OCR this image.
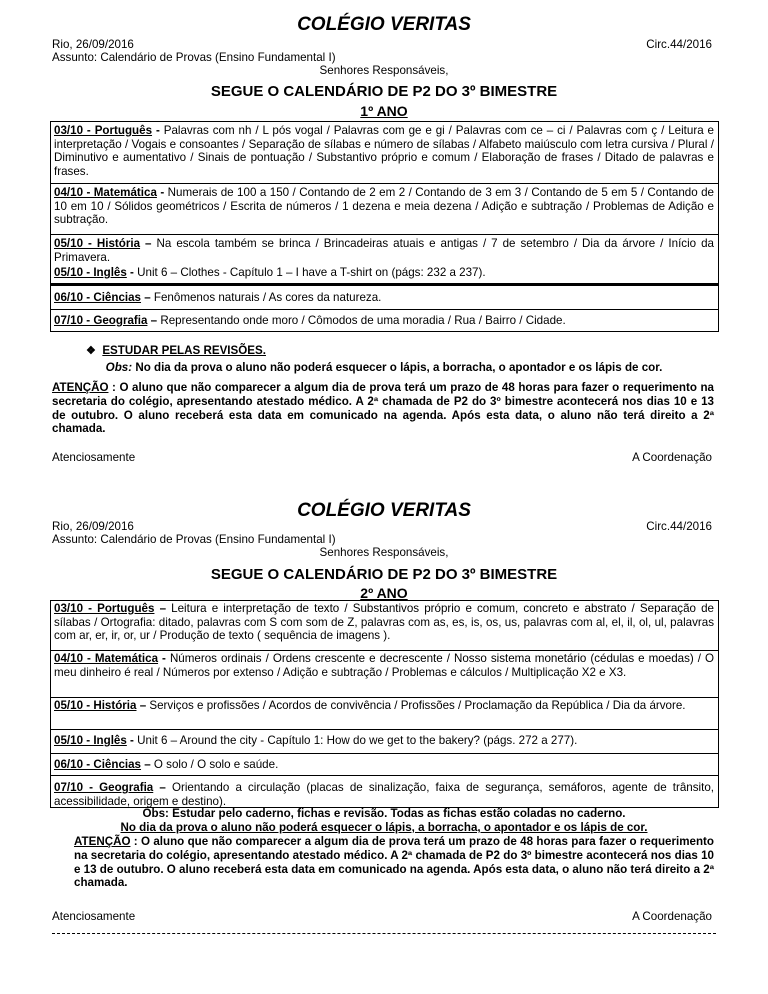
COLÉGIO VERITAS
Rio, 26/09/2016	Circ.44/2016
Assunto: Calendário de Provas (Ensino Fundamental I)
Senhores Responsáveis,
SEGUE O CALENDÁRIO DE P2 DO 3º BIMESTRE
1º ANO
03/10 - Português - Palavras com nh / L pós vogal / Palavras com ge e gi / Palavras com ce – ci / Palavras com ç / Leitura e interpretação / Vogais e consoantes / Separação de sílabas e número de sílabas / Alfabeto maiúsculo com letra cursiva / Plural / Diminutivo e aumentativo / Sinais de pontuação / Substantivo próprio e comum / Elaboração de frases / Ditado de palavras e frases.
04/10 - Matemática - Numerais de 100 a 150 / Contando de 2 em 2 / Contando de 3 em 3 / Contando de 5 em 5 / Contando de 10 em 10 / Sólidos geométricos / Escrita de números / 1 dezena e meia dezena / Adição e subtração / Problemas de Adição e subtração.
05/10 - História – Na escola também se brinca / Brincadeiras atuais e antigas / 7 de setembro / Dia da árvore / Início da Primavera.
05/10 - Inglês - Unit 6 – Clothes - Capítulo 1 – I have a T-shirt on (págs: 232 a 237).
06/10 - Ciências – Fenômenos naturais / As cores da natureza.
07/10 - Geografia – Representando onde moro / Cômodos de uma moradia / Rua / Bairro / Cidade.
❖ ESTUDAR PELAS REVISÕES.
Obs: No dia da prova o aluno não poderá esquecer o lápis, a borracha, o apontador e os lápis de cor.
ATENÇÃO : O aluno que não comparecer a algum dia de prova terá um prazo de 48 horas para fazer o requerimento na secretaria do colégio, apresentando atestado médico. A 2ª chamada de P2 do 3º bimestre acontecerá nos dias 10 e 13 de outubro. O aluno receberá esta data em comunicado na agenda. Após esta data, o aluno não terá direito a 2ª chamada.
Atenciosamente	A Coordenação
COLÉGIO VERITAS
Rio, 26/09/2016	Circ.44/2016
Assunto: Calendário de Provas (Ensino Fundamental I)
Senhores Responsáveis,
SEGUE O CALENDÁRIO DE P2 DO 3º BIMESTRE
2º ANO
03/10 - Português – Leitura e interpretação de texto / Substantivos próprio e comum, concreto e abstrato / Separação de sílabas / Ortografia: ditado, palavras com S com som de Z, palavras com as, es, is, os, us, palavras com al, el, il, ol, ul, palavras com ar, er, ir, or, ur / Produção de texto ( sequência de imagens ).
04/10 - Matemática - Números ordinais / Ordens crescente e decrescente / Nosso sistema monetário (cédulas e moedas) / O meu dinheiro é real / Números por extenso / Adição e subtração / Problemas e cálculos / Multiplicação X2 e X3.
05/10 - História – Serviços e profissões / Acordos de convivência / Profissões / Proclamação da República / Dia da árvore.
05/10 - Inglês - Unit 6 – Around the city - Capítulo 1: How do we get to the bakery? (págs. 272 a 277).
06/10 - Ciências – O solo / O solo e saúde.
07/10 - Geografia – Orientando a circulação (placas de sinalização, faixa de segurança, semáforos, agente de trânsito, acessibilidade, origem e destino).
Obs: Estudar pelo caderno, fichas e revisão. Todas as fichas estão coladas no caderno.
No dia da prova o aluno não poderá esquecer o lápis, a borracha, o apontador e os lápis de cor.
ATENÇÃO : O aluno que não comparecer a algum dia de prova terá um prazo de 48 horas para fazer o requerimento na secretaria do colégio, apresentando atestado médico. A 2ª chamada de P2 do 3º bimestre acontecerá nos dias 10 e 13 de outubro. O aluno receberá esta data em comunicado na agenda. Após esta data, o aluno não terá direito a 2ª chamada.
Atenciosamente	A Coordenação
